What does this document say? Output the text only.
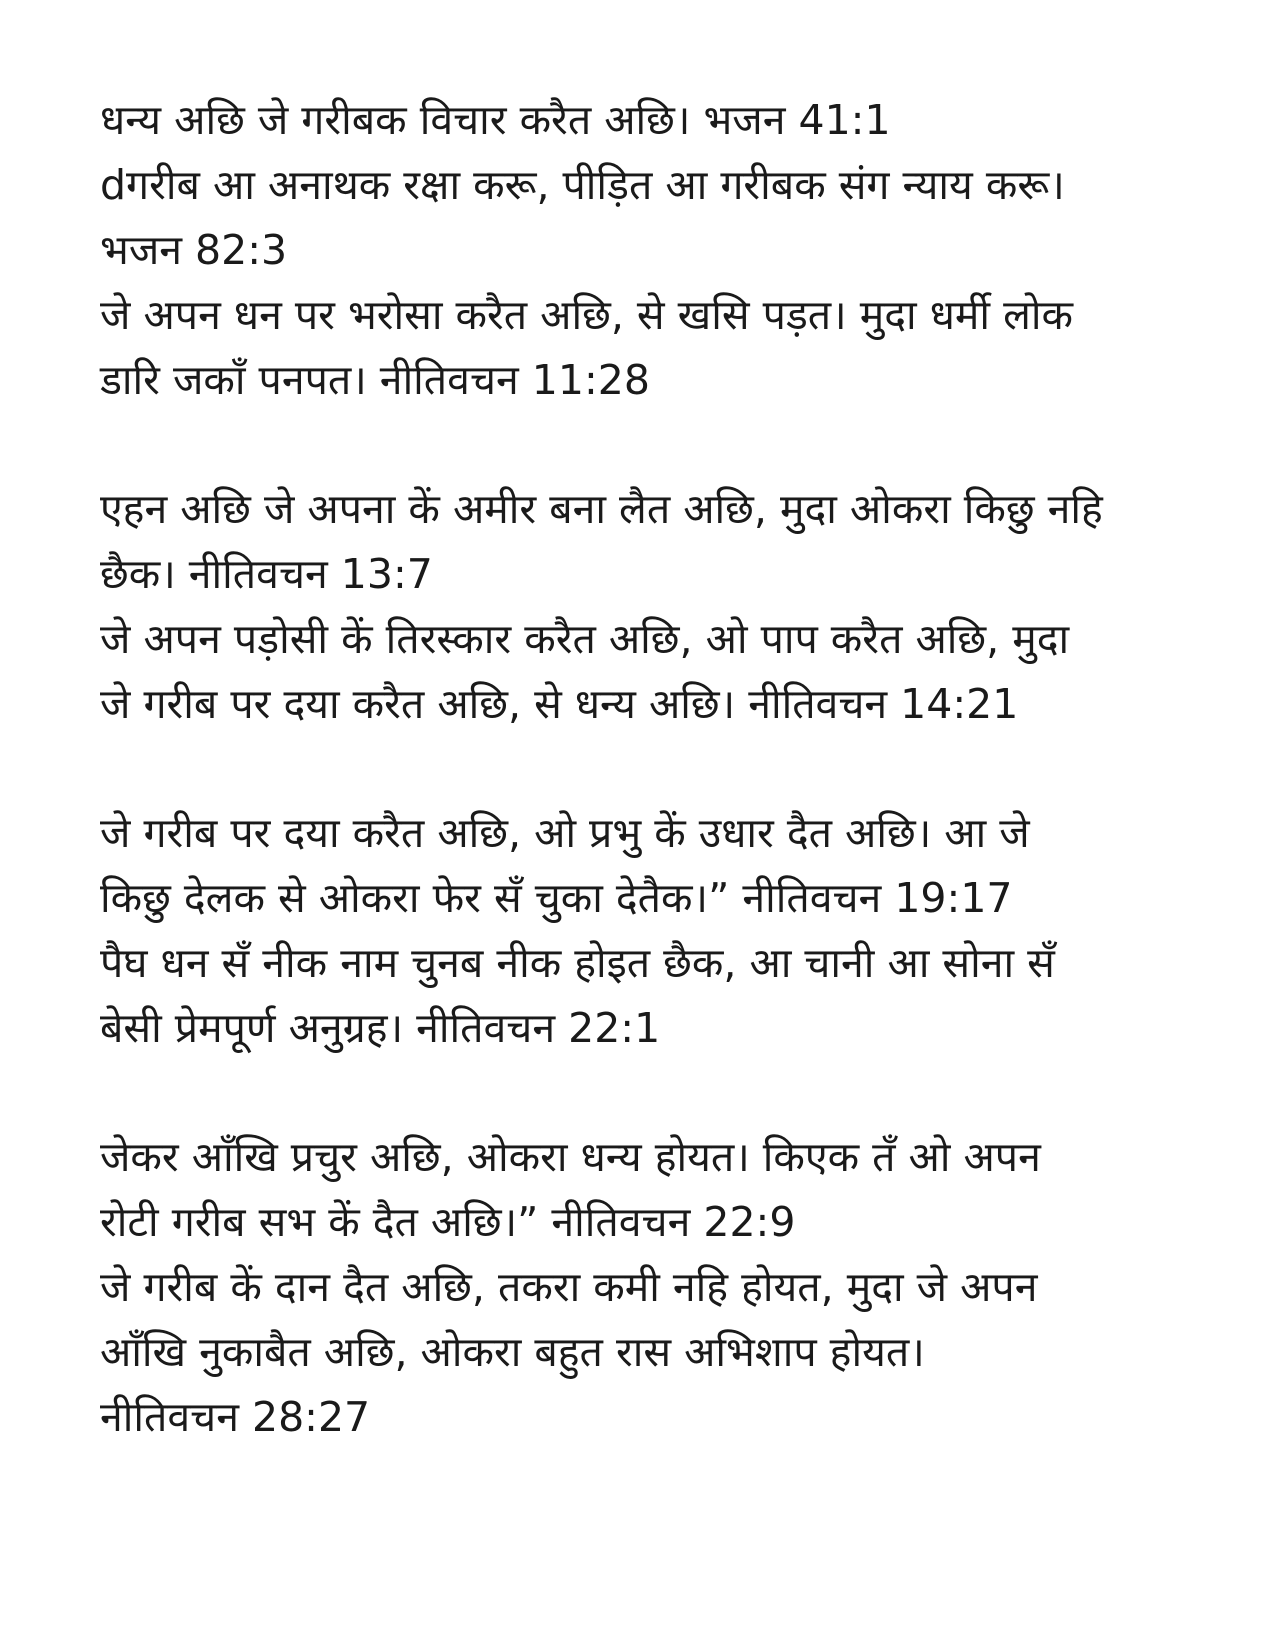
धन्य अछि जे गरीबक विचार करैत अछि। भजन 41:1
dगरीब आ अनाथक रक्षा करू, पीड़ित आ गरीबक संग न्याय करू।
भजन 82:3
जे अपन धन पर भरोसा करैत अछि, से खसि पड़त। मुदा धर्मी लोक
डारि जकाँ पनपत। नीतिवचन 11:28
एहन अछि जे अपना कें अमीर बना लैत अछि, मुदा ओकरा किछु नहि
छैक। नीतिवचन 13:7
जे अपन पड़ोसी कें तिरस्कार करैत अछि, ओ पाप करैत अछि, मुदा
जे गरीब पर दया करैत अछि, से धन्य अछि। नीतिवचन 14:21
जे गरीब पर दया करैत अछि, ओ प्रभु कें उधार दैत अछि। आ जे
किछु देलक से ओकरा फेर सँ चुका देतैक।” नीतिवचन 19:17
पैघ धन सँ नीक नाम चुनब नीक होइत छैक, आ चानी आ सोना सँ
बेसी प्रेमपूर्ण अनुग्रह। नीतिवचन 22:1
जेकर आँखि प्रचुर अछि, ओकरा धन्य होयत। किएक तँ ओ अपन
रोटी गरीब सभ कें दैत अछि।” नीतिवचन 22:9
जे गरीब कें दान दैत अछि, तकरा कमी नहि होयत, मुदा जे अपन
आँखि नुकाबैत अछि, ओकरा बहुत रास अभिशाप होयत।
नीतिवचन 28:27
